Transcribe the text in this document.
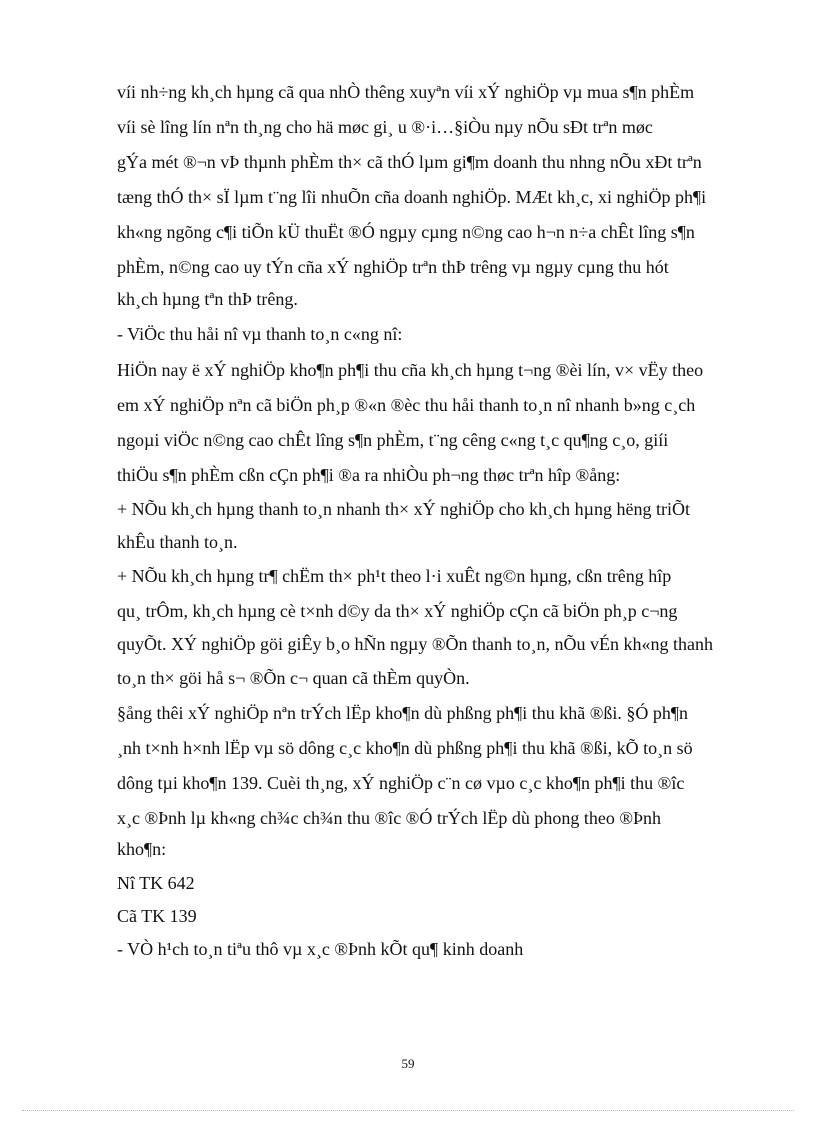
víi nh÷ng kh¸ch hµng cã qua nhÒ thêng xuyªn víi xÝ nghiÖp vµ mua s¶n phÈm
víi sè lîng lín nªn th¸ng cho hä møc gi¸ u ®·i…§iÒu nµy nÕu sÐt trªn møc
gÝa mét ®¬n vÞ thµnh phÈm th× cã thÓ lµm gi¶m doanh thu nhng nÕu xÐt trªn
tæng thÓ th× sÏ lµm t¨ng lîi nhuÕn cña doanh nghiÖp. MÆt kh¸c, xi nghiÖp ph¶i
kh«ng ngõng c¶i tiÕn kÜ thuËt ®Ó ngµy cµng n©ng cao h¬n n÷a chÊt lîng s¶n
phÈm, n©ng cao uy tÝn cña xÝ nghiÖp trªn thÞ trêng vµ ngµy cµng thu hót
kh¸ch hµng tªn thÞ trêng.
- ViÖc thu håi nî vµ thanh to¸n c«ng nî:
HiÖn nay ë xÝ nghiÖp kho¶n ph¶i thu cña kh¸ch hµng t¬ng ®èi lín, v× vËy theo
em xÝ nghiÖp nªn cã biÖn ph¸p ®«n ®èc thu håi thanh to¸n nî nhanh b»ng c¸ch
ngoµi viÖc n©ng cao chÊt lîng s¶n phÈm, t¨ng cêng c«ng t¸c qu¶ng c¸o, giíi
thiÖu s¶n phÈm cßn cÇn ph¶i ®a ra nhiÒu ph¬ng thøc trªn hîp ®ång:
+ NÕu kh¸ch hµng thanh to¸n nhanh th× xÝ nghiÖp cho kh¸ch hµng hëng triÕt
khÊu thanh to¸n.
+ NÕu kh¸ch hµng tr¶ chËm th× ph¹t theo l·i xuÊt ng©n hµng, cßn trêng hîp
qu¸ trÔm, kh¸ch hµng cè t×nh d©y da th× xÝ nghiÖp cÇn cã biÖn ph¸p c¬ng
quyÕt. XÝ nghiÖp göi giÊy b¸o hÑn ngµy ®Õn thanh to¸n, nÕu vÉn kh«ng thanh
to¸n th× göi hå s¬ ®Õn c¬ quan cã thÈm quyÒn.
§ång thêi xÝ nghiÖp nªn trÝch lËp kho¶n dù phßng ph¶i thu khã ®ßi. §Ó ph¶n
¸nh t×nh h×nh lËp vµ sö dông c¸c kho¶n dù phßng ph¶i thu khã ®ßi, kÕ to¸n sö
dông tµi kho¶n 139. Cuèi th¸ng, xÝ nghiÖp c¨n cø vµo c¸c kho¶n ph¶i thu ®îc
x¸c ®Þnh lµ kh«ng ch¾c ch¾n thu ®îc ®Ó trÝch lËp dù phong theo ®Þnh
kho¶n:
Nî TK 642
Cã TK 139
- VÒ h¹ch to¸n tiªu thô vµ x¸c ®Þnh kÕt qu¶ kinh doanh
59
